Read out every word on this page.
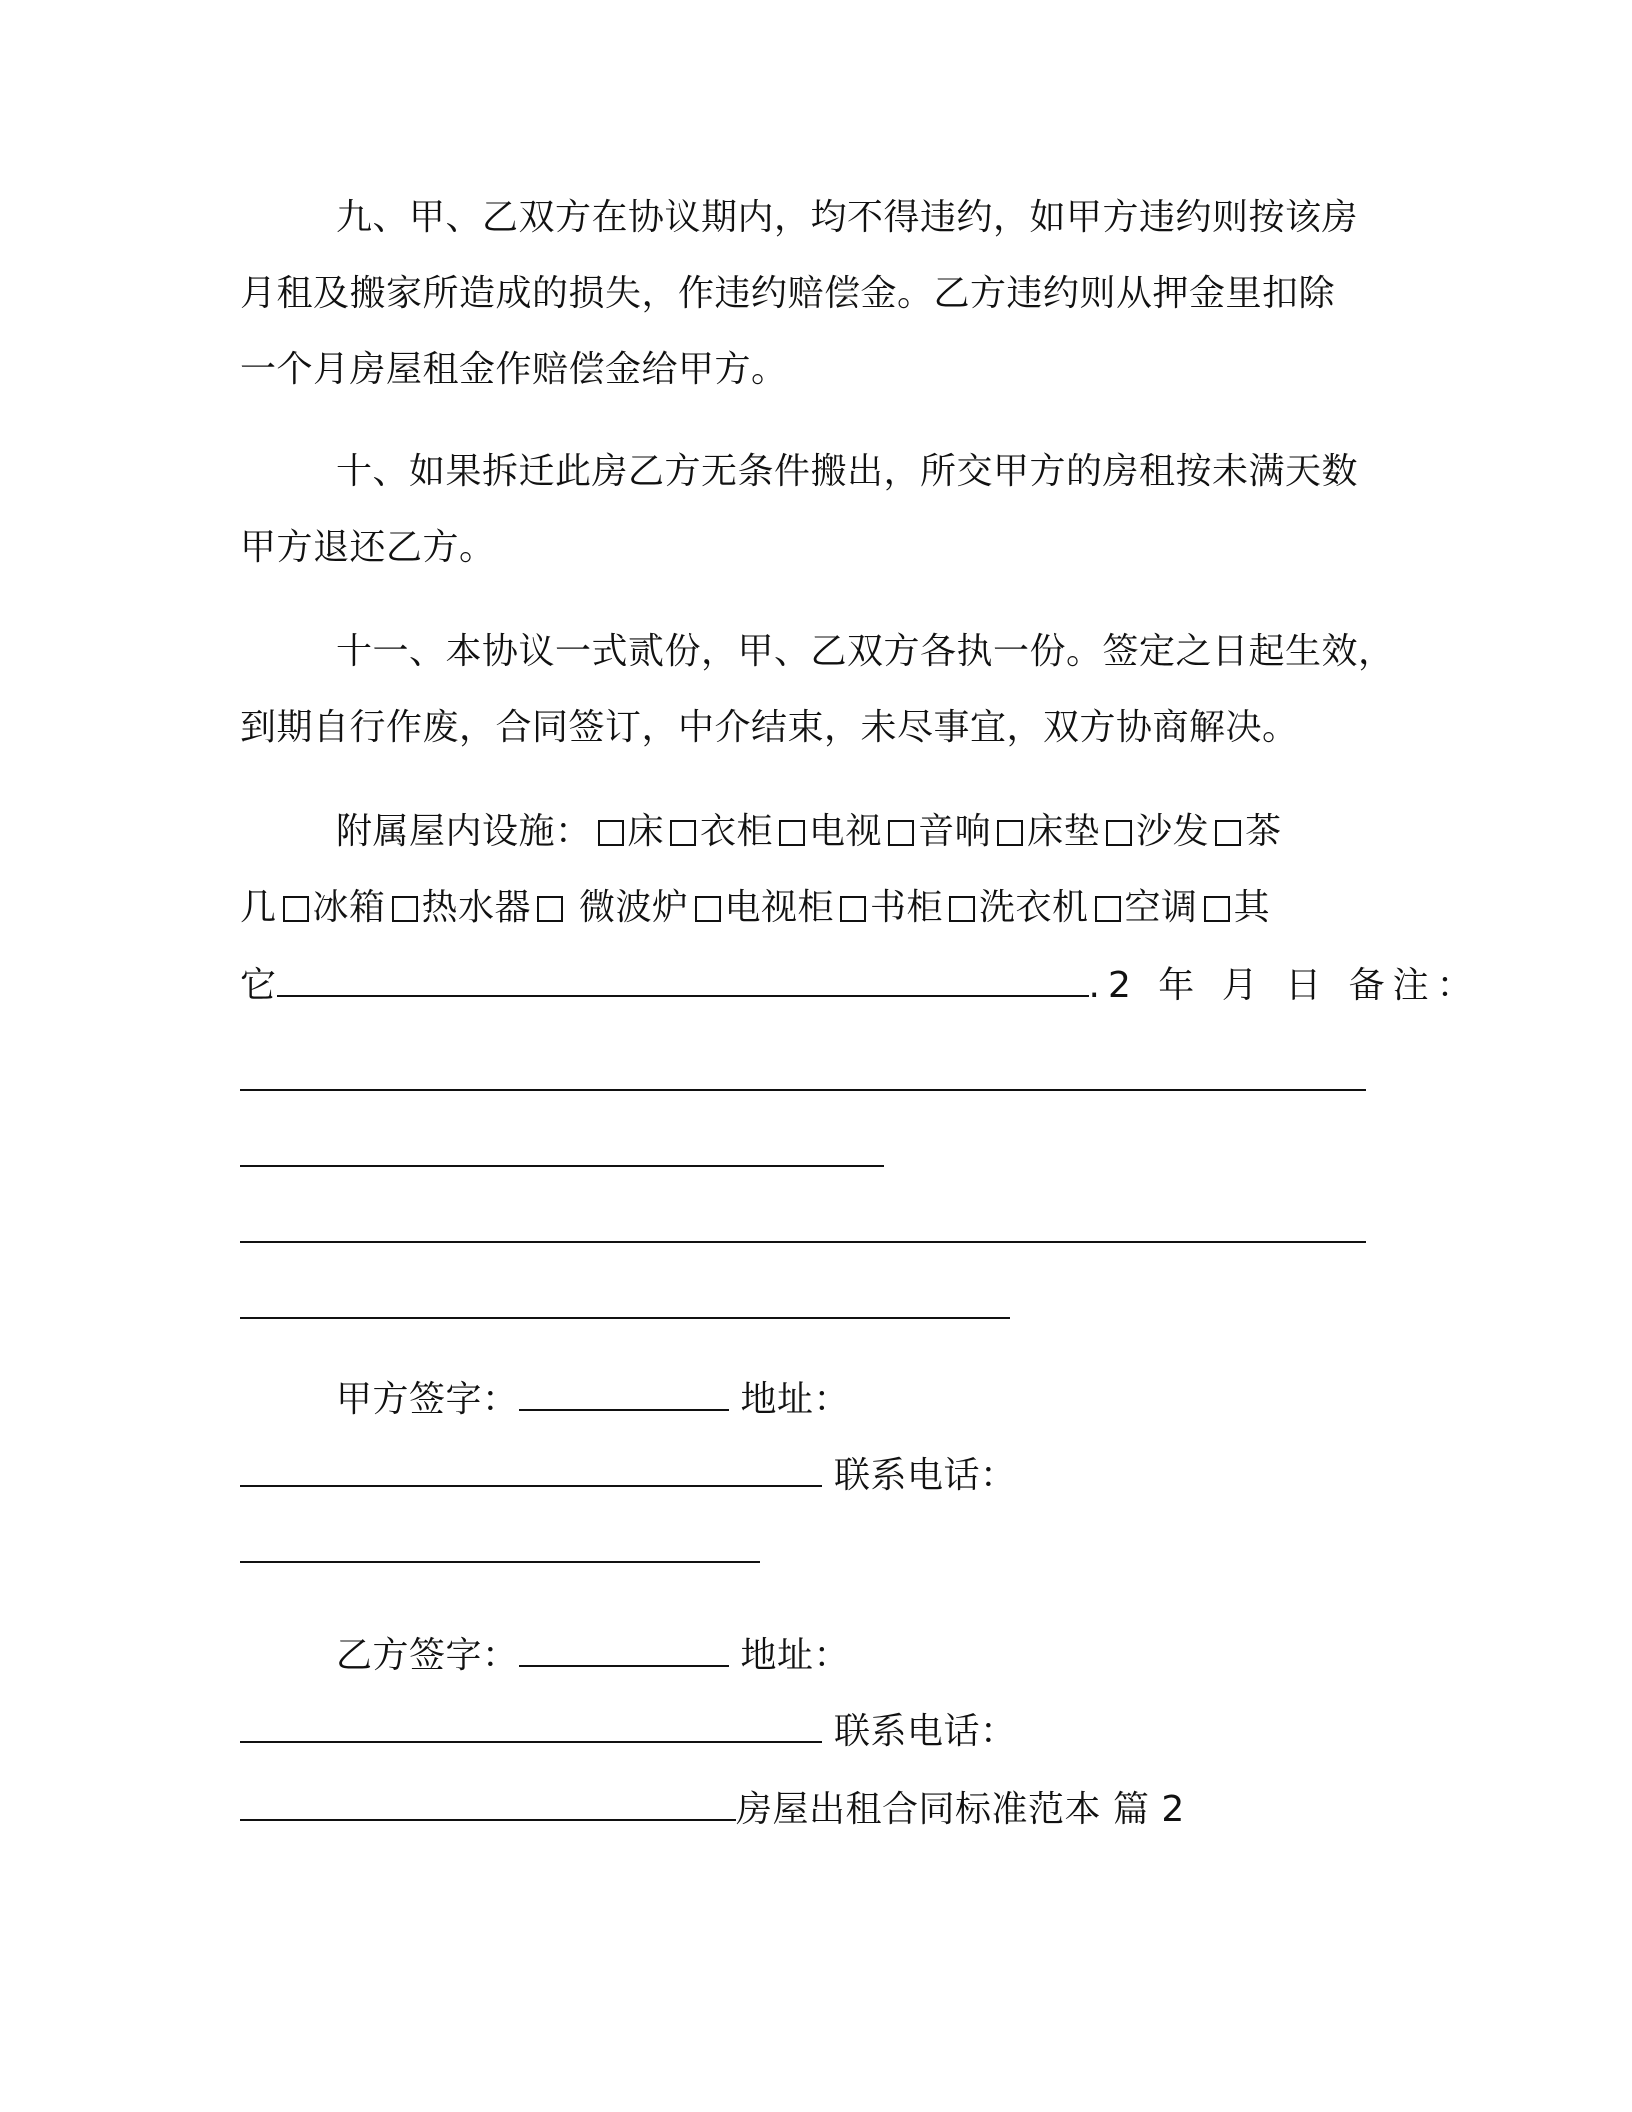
九、甲、乙双方在协议期内，均不得违约，如甲方违约则按该房
月租及搬家所造成的损失，作违约赔偿金。乙方违约则从押金里扣除
一个月房屋租金作赔偿金给甲方。
十、如果拆迁此房乙方无条件搬出，所交甲方的房租按未满天数
甲方退还乙方。
十一、本协议一式贰份，甲、乙双方各执一份。签定之日起生效，
到期自行作废，合同签订，中介结束，未尽事宜，双方协商解决。
附属屋内设施： 床 衣柜 电视 音响 床垫 沙发 茶
几 冰箱 热水器 微波炉 电视柜 书柜 洗衣机 空调 其
它	.2 年 月 日 备注：
甲方签字：	地址：
联系电话：
乙方签字：	地址：
联系电话：
房屋出租合同标准范本 篇 2
